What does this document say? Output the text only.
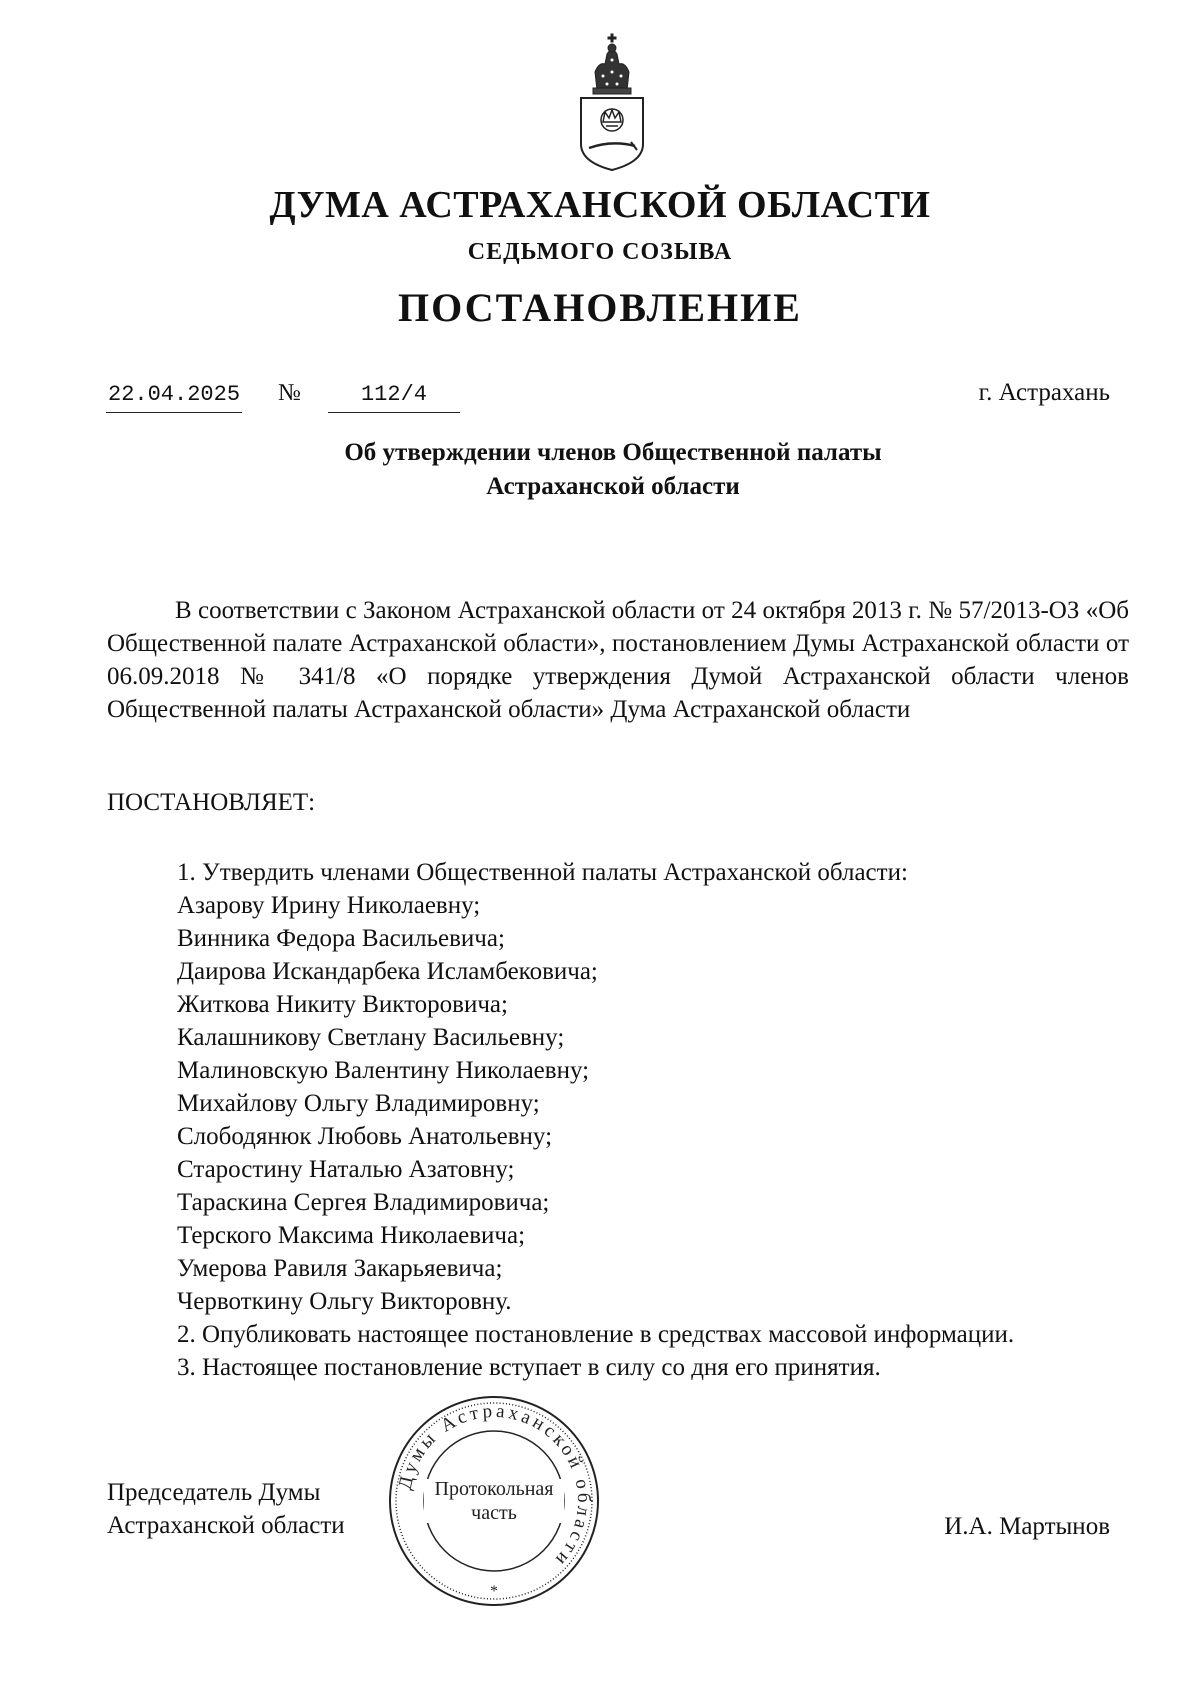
ДУМА АСТРАХАНСКОЙ ОБЛАСТИ
СЕДЬМОГО СОЗЫВА
ПОСТАНОВЛЕНИЕ
22.04.2025 №	112/4	г. Астрахань
Об утверждении членов Общественной палаты
Астраханской области
В соответствии с Законом Астраханской области от 24 октября 2013 г. № 57/2013-ОЗ «Об Общественной палате Астраханской области», постановлением Думы Астраханской области от 06.09.2018 № 341/8 «О порядке утверждения Думой Астраханской области членов Общественной палаты Астраханской области» Дума Астраханской области
ПОСТАНОВЛЯЕТ:
1. Утвердить членами Общественной палаты Астраханской области:
Азарову Ирину Николаевну;
Винника Федора Васильевича;
Даирова Искандарбека Исламбековича;
Житкова Никиту Викторовича;
Калашникову Светлану Васильевну;
Малиновскую Валентину Николаевну;
Михайлову Ольгу Владимировну;
Слободянюк Любовь Анатольевну;
Старостину Наталью Азатовну;
Тараскина Сергея Владимировича;
Терского Максима Николаевича;
Умерова Равиля Закарьяевича;
Червоткину Ольгу Викторовну.
2. Опубликовать настоящее постановление в средствах массовой информации.
3. Настоящее постановление вступает в силу со дня его принятия.
Председатель Думы
Астраханской области
Думы Астраханской области
Протокольная
часть
*
И.А. Мартынов
